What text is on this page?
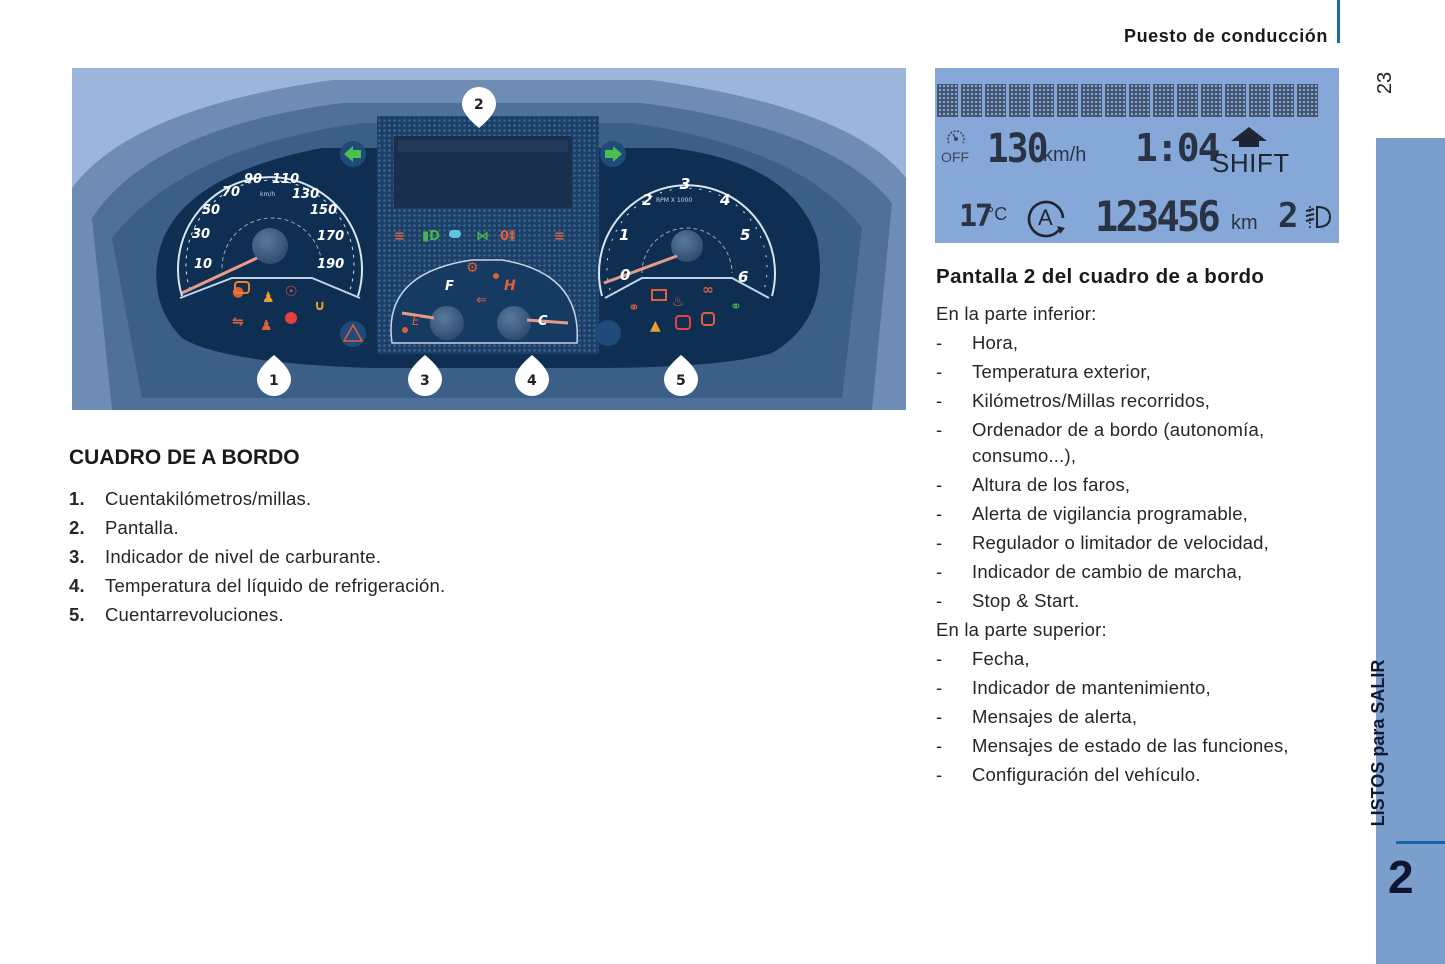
Puesto de conducción
23
LISTOS para SALIR
2
≡ ▮D	⋈ 0‡	≡
F
E
H
C
⚙
⇐
10
30
50
70
90 110
130
150
170
190
km/h
● ♟ ☉
∪
⇋ ♟
0
1
2
3
4
5
6
RPM X 1000
⚭ ♨
∞
⚭
▲
2
1	3	4	5
OFF 130
km/h 1:04
SHIFT
17
°C A 123456 km 2
CUADRO DE A BORDO
1.	Cuentakilómetros/millas.
2.	Pantalla.
3.	Indicador de nivel de carburante.
4.	Temperatura del líquido de refrigeración.
5.	Cuentarrevoluciones.
Pantalla 2 del cuadro de a bordo
En la parte inferior:
-	Hora,
-	Temperatura exterior,
-	Kilómetros/Millas recorridos,
-	Ordenador de a bordo (autonomía,
consumo...),
-	Altura de los faros,
-	Alerta de vigilancia programable,
-	Regulador o limitador de velocidad,
-	Indicador de cambio de marcha,
-	Stop & Start.
En la parte superior:
-	Fecha,
-	Indicador de mantenimiento,
-	Mensajes de alerta,
-	Mensajes de estado de las funciones,
-	Configuración del vehículo.
